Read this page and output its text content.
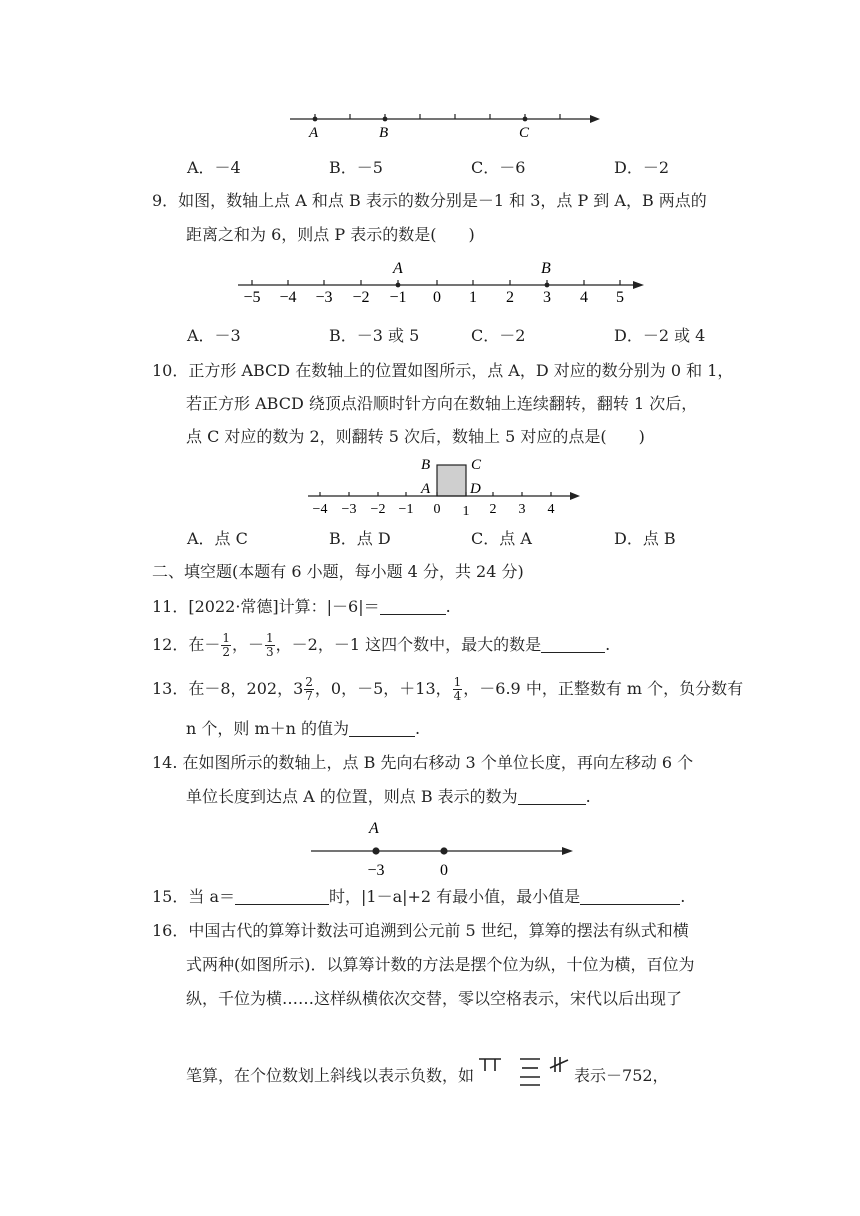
A	B	C
A．－4	B．－5	C．－6	D．－2
9．如图，数轴上点 A 和点 B 表示的数分别是－1 和 3，点 P 到 A，B 两点的
距离之和为 6，则点 P 表示的数是(　　)
A	B
−5 −4 −3 −2 −1 0 1 2 3 4 5
A．－3	B．－3 或 5	C．－2	D．－2 或 4
10．正方形 ABCD 在数轴上的位置如图所示，点 A，D 对应的数分别为 0 和 1，
若正方形 ABCD 绕顶点沿顺时针方向在数轴上连续翻转，翻转 1 次后，
点 C 对应的数为 2，则翻转 5 次后，数轴上 5 对应的点是(　　)
B	C
A	D
−4 −3 −2 −1 0 1 2 3 4
A．点 C	B．点 D	C．点 A	D．点 B
二、填空题(本题有 6 小题，每小题 4 分，共 24 分)
11．[2022·常德]计算：|－6|＝	.
12．在－ $\frac{1}{2}$ ，－ $\frac{1}{3}$ ，－2，－1 这四个数中，最大的数是	.
13．在－8，202，$3 \frac{2}{7}$ ，0，－5，＋13， $\frac{1}{4}$ ，－6.9 中，正整数有 m 个，负分数有
n 个，则 m＋n 的值为	.
14. 在如图所示的数轴上，点 B 先向右移动 3 个单位长度，再向左移动 6 个
单位长度到达点 A 的位置，则点 B 表示的数为	.
A
−3	0
15．当 a＝	时，|1－a|+2 有最小值，最小值是	.
16．中国古代的算筹计数法可追溯到公元前 5 世纪，算筹的摆法有纵式和横
式两种(如图所示)．以算筹计数的方法是摆个位为纵，十位为横，百位为
纵，千位为横……这样纵横依次交替，零以空格表示，宋代以后出现了
笔算，在个位数划上斜线以表示负数，如	表示－752，
